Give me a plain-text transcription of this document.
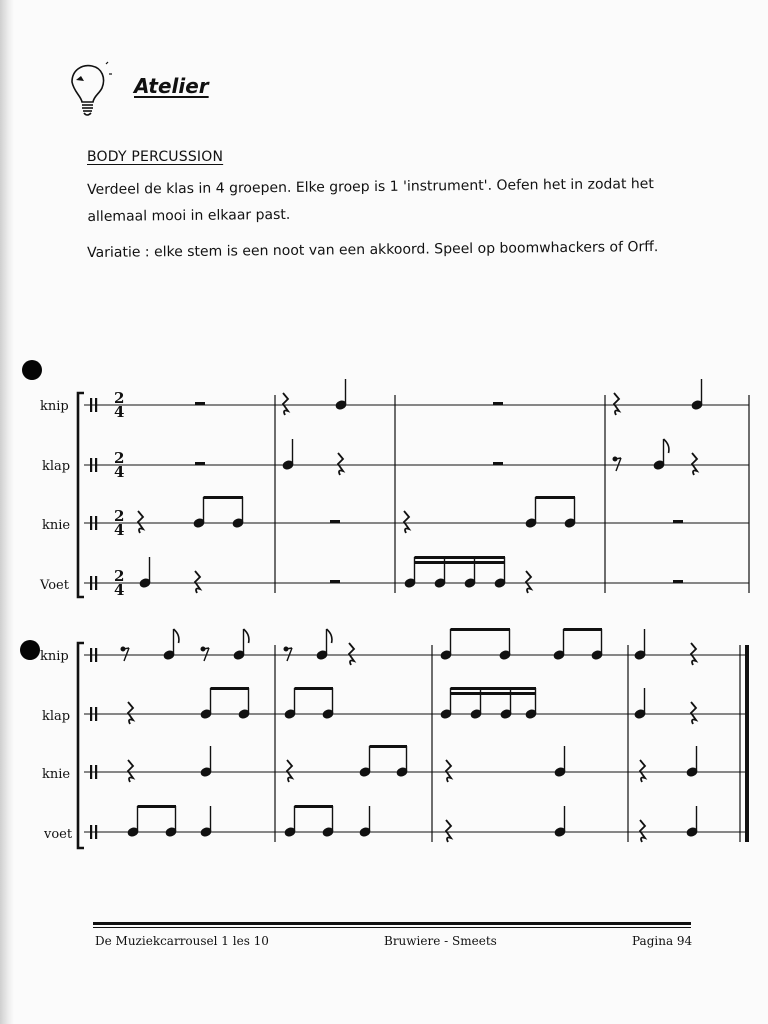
Atelier
BODY PERCUSSION
Verdeel de klas in 4 groepen. Elke groep is 1 'instrument'. Oefen het in zodat het allemaal mooi in elkaar past.
Variatie : elke stem is een noot van een akkoord. Speel op boomwhackers of Orff.
knip
klap
knie
Voet
knip
klap
knie
voet
2
4
2
4
2
4
2
4
De Muziekcarrousel 1 les 10	Bruwiere - Smeets	Pagina 94
